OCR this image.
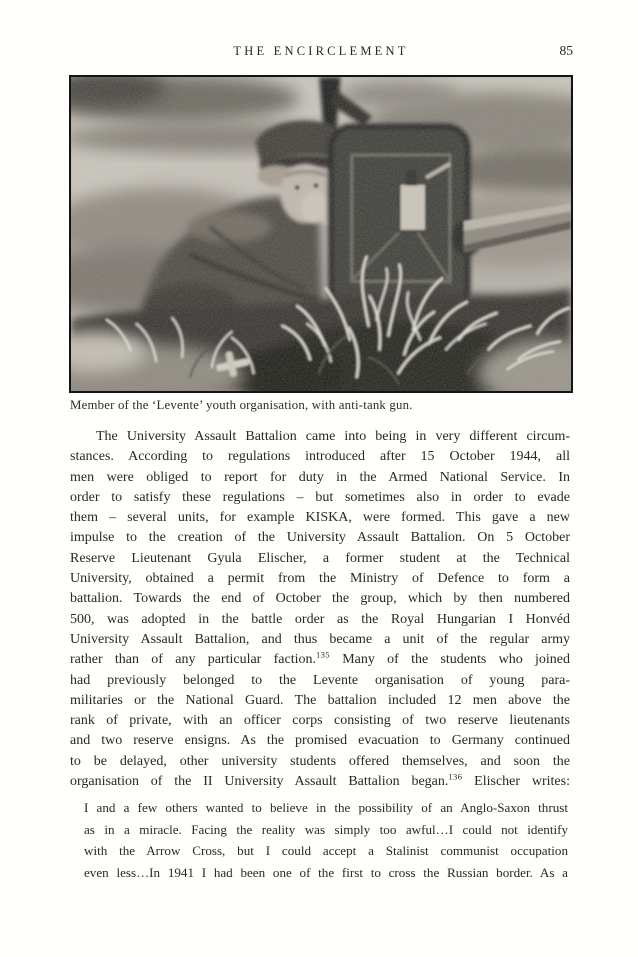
THE ENCIRCLEMENT	85
Member of the ‘Levente’ youth organisation, with anti-tank gun.
The University Assault Battalion came into being in very different circum-
stances. According to regulations introduced after 15 October 1944, all
men were obliged to report for duty in the Armed National Service. In
order to satisfy these regulations – but sometimes also in order to evade
them – several units, for example KISKA, were formed. This gave a new
impulse to the creation of the University Assault Battalion. On 5 October
Reserve Lieutenant Gyula Elischer, a former student at the Technical
University, obtained a permit from the Ministry of Defence to form a
battalion. Towards the end of October the group, which by then numbered
500, was adopted in the battle order as the Royal Hungarian I Honvéd
University Assault Battalion, and thus became a unit of the regular army
rather than of any particular faction.$^{135}$ Many of the students who joined
had previously belonged to the Levente organisation of young para-
militaries or the National Guard. The battalion included 12 men above the
rank of private, with an officer corps consisting of two reserve lieutenants
and two reserve ensigns. As the promised evacuation to Germany continued
to be delayed, other university students offered themselves, and soon the
organisation of the II University Assault Battalion began.$^{136}$ Elischer writes:
I and a few others wanted to believe in the possibility of an Anglo-Saxon thrust
as in a miracle. Facing the reality was simply too awful…I could not identify
with the Arrow Cross, but I could accept a Stalinist communist occupation
even less…In 1941 I had been one of the first to cross the Russian border. As a
